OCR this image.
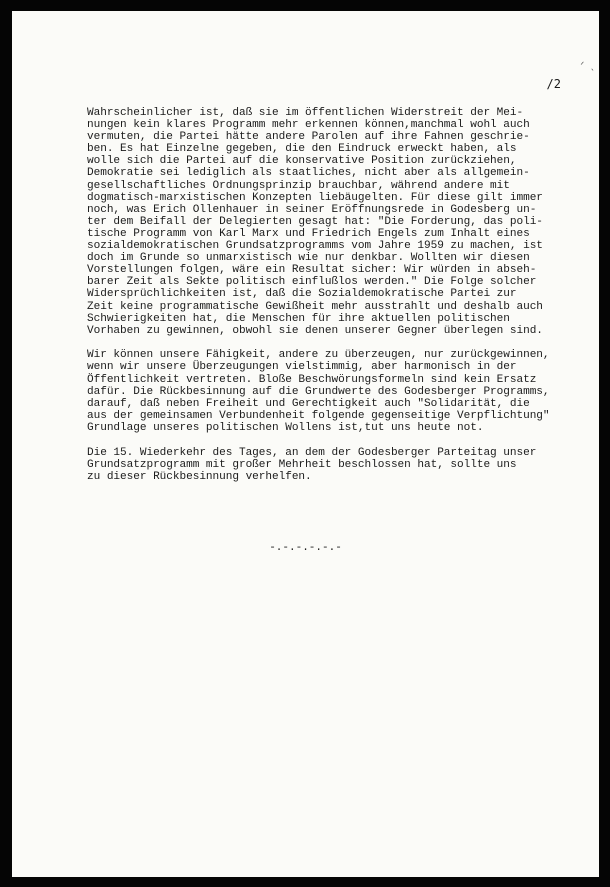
ᐟ ˎ

/2

Wahrscheinlicher ist, daß sie im öffentlichen Widerstreit der Mei-
nungen kein klares Programm mehr erkennen können,manchmal wohl auch
vermuten, die Partei hätte andere Parolen auf ihre Fahnen geschrie-
ben. Es hat Einzelne gegeben, die den Eindruck erweckt haben, als
wolle sich die Partei auf die konservative Position zurückziehen,
Demokratie sei lediglich als staatliches, nicht aber als allgemein-
gesellschaftliches Ordnungsprinzip brauchbar, während andere mit
dogmatisch-marxistischen Konzepten liebäugelten. Für diese gilt immer
noch, was Erich Ollenhauer in seiner Eröffnungsrede in Godesberg un-
ter dem Beifall der Delegierten gesagt hat: "Die Forderung, das poli-
tische Programm von Karl Marx und Friedrich Engels zum Inhalt eines
sozialdemokratischen Grundsatzprogramms vom Jahre 1959 zu machen, ist
doch im Grunde so unmarxistisch wie nur denkbar. Wollten wir diesen
Vorstellungen folgen, wäre ein Resultat sicher: Wir würden in abseh-
barer Zeit als Sekte politisch einflußlos werden." Die Folge solcher
Widersprüchlichkeiten ist, daß die Sozialdemokratische Partei zur
Zeit keine programmatische Gewißheit mehr ausstrahlt und deshalb auch
Schwierigkeiten hat, die Menschen für ihre aktuellen politischen
Vorhaben zu gewinnen, obwohl sie denen unserer Gegner überlegen sind.
Wir können unsere Fähigkeit, andere zu überzeugen, nur zurückgewinnen,
wenn wir unsere Überzeugungen vielstimmig, aber harmonisch in der
Öffentlichkeit vertreten. Bloße Beschwörungsformeln sind kein Ersatz
dafür. Die Rückbesinnung auf die Grundwerte des Godesberger Programms,
darauf, daß neben Freiheit und Gerechtigkeit auch "Solidarität, die
aus der gemeinsamen Verbundenheit folgende gegenseitige Verpflichtung"
Grundlage unseres politischen Wollens ist,tut uns heute not.
Die 15. Wiederkehr des Tages, an dem der Godesberger Parteitag unser
Grundsatzprogramm mit großer Mehrheit beschlossen hat, sollte uns
zu dieser Rückbesinnung verhelfen.
-.-.-.-.-.-
